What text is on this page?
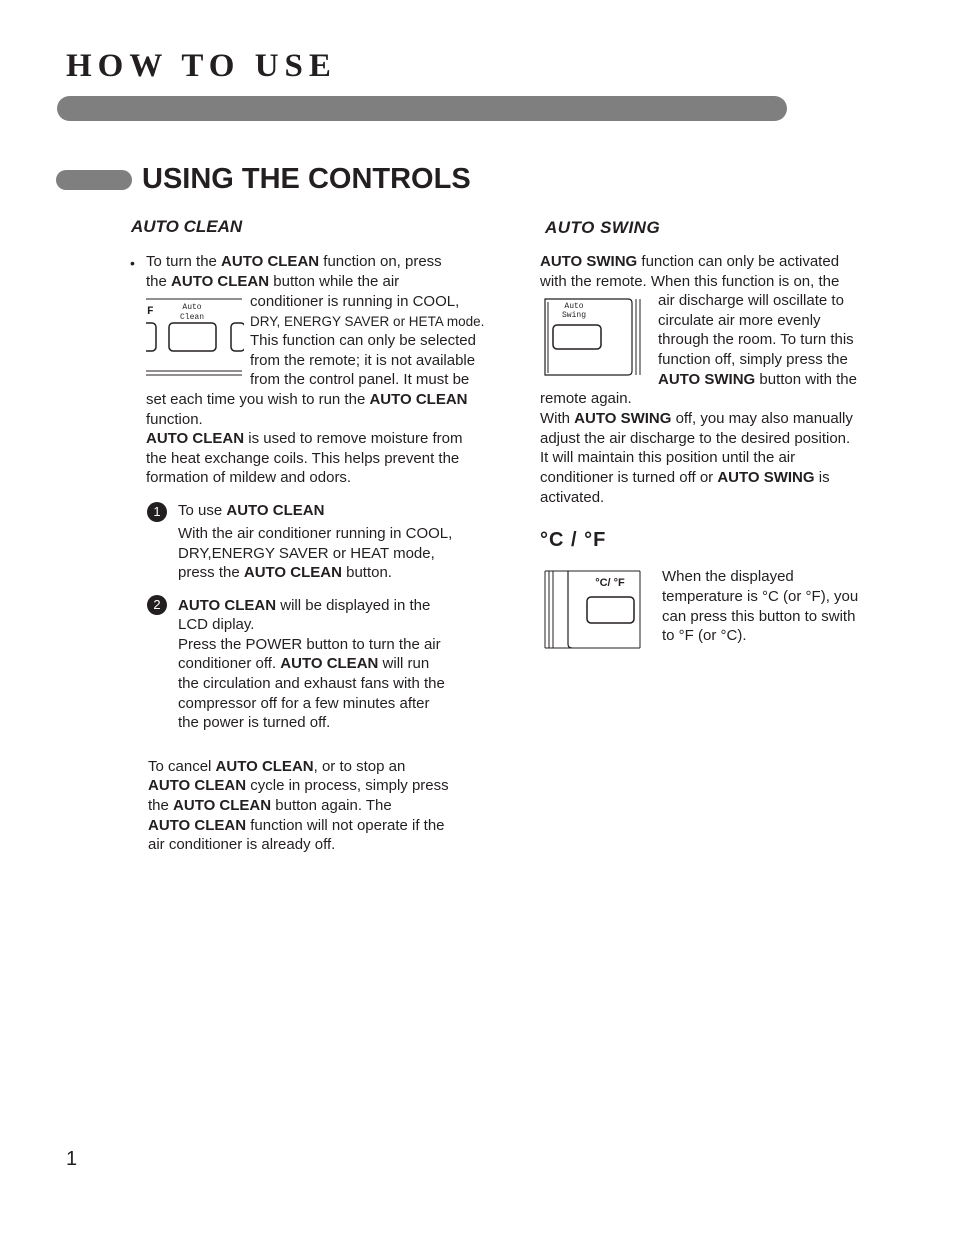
HOW TO USE
USING THE CONTROLS
AUTO CLEAN
• To turn the AUTO CLEAN function on, press
the AUTO CLEAN button while the air
conditioner is running in COOL,
DRY, ENERGY SAVER or HETA mode.
This function can only be selected
from the remote; it is not available
from the control panel. It must be
set each time you wish to run the AUTO CLEAN
function.
AUTO CLEAN is used to remove moisture from
the heat exchange coils. This helps prevent the
formation of mildew and odors.
F	Auto
Clean
1	To use AUTO CLEAN
With the air conditioner running in COOL,
DRY,ENERGY SAVER or HEAT mode,
press the AUTO CLEAN button.
2	AUTO CLEAN will be displayed in the
LCD diplay.
Press the POWER button to turn the air
conditioner off. AUTO CLEAN will run
the circulation and exhaust fans with the
compressor off for a few minutes after
the power is turned off.
To cancel AUTO CLEAN, or to stop an
AUTO CLEAN cycle in process, simply press
the AUTO CLEAN button again. The
AUTO CLEAN function will not operate if the
air conditioner is already off.
AUTO SWING
AUTO SWING function can only be activated
with the remote. When this function is on, the
air discharge will oscillate to
circulate air more evenly
through the room. To turn this
function off, simply press the
AUTO SWING button with the
remote again.
With AUTO SWING off, you may also manually
adjust the air discharge to the desired position.
It will maintain this position until the air
conditioner is turned off or AUTO SWING is
activated.
Auto
Swing
°C / °F
°C/ °F When the displayed
temperature is °C (or °F), you
can press this button to swith
to °F (or °C).
1
